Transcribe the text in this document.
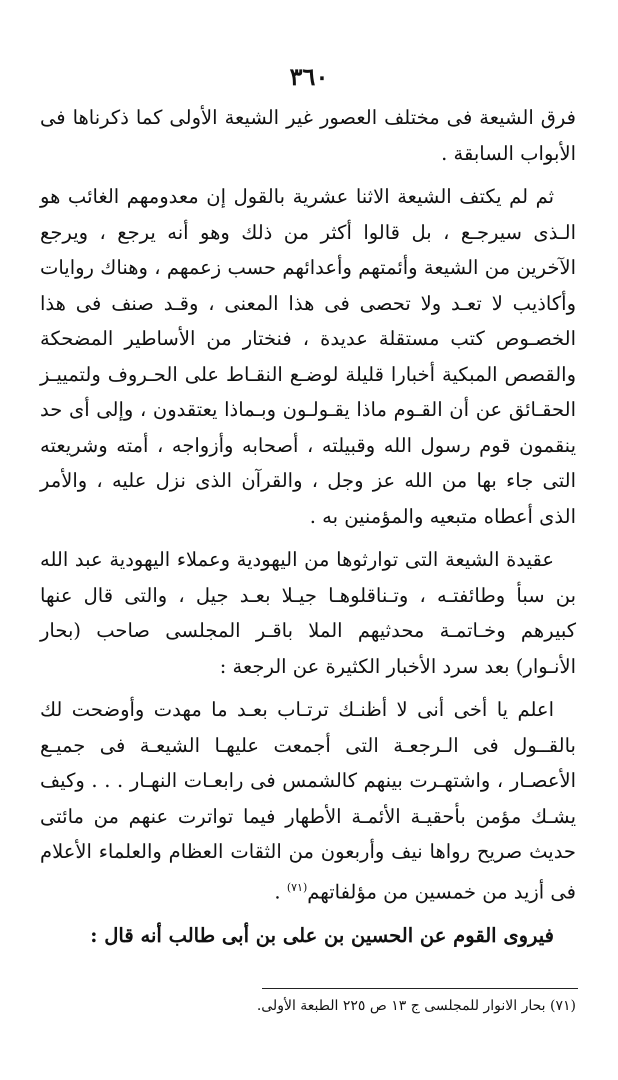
٣٦٠

فرق الشيعة فى مختلف العصور غير الشيعة الأولى كما ذكرناها فى الأبواب السابقة .

ثم لم يكتف الشيعة الاثنا عشرية بالقول إن معدومهم الغائب هو الـذى سيرجـع ، بل قالوا أكثر من ذلك وهو أنه يرجع ، ويرجع الآخرين من الشيعة وأئمتهم وأعدائهم حسب زعمهم ، وهناك روايات وأكاذيب لا تعـد ولا تحصى فى هذا المعنى ، وقـد صنف فى هذا الخصـوص كتب مستقلة عديدة ، فنختار من الأساطير المضحكة والقصص المبكية أخبارا قليلة لوضـع النقـاط على الحـروف ولتمييـز الحقـائق عن أن القـوم ماذا يقـولـون وبـماذا يعتقدون ، وإلى أى حد ينقمون قوم رسول الله وقبيلته ، أصحابه وأزواجه ، أمته وشريعته التى جاء بها من الله عز وجل ، والقرآن الذى نزل عليه ، والأمر الذى أعطاه متبعيه والمؤمنين به .

عقيدة الشيعة التى توارثوها من اليهودية وعملاء اليهودية عبد الله بن سبأ وطائفتـه ، وتـناقلوهـا جيـلا بعـد جيل ، والتى قال عنها كبيرهم وخـاتمـة محدثيهم الملا باقـر المجلسى صاحب (بحار الأنـوار) بعد سرد الأخبار الكثيرة عن الرجعة :

اعلم يا أخى أنى لا أظنـك ترتـاب بعـد ما مهدت وأوضحت لك بالقــول فى الـرجعـة التى أجمعت عليهـا الشيعـة فى جميـع الأعصـار ، واشتهـرت بينهم كالشمس فى رابعـات النهـار . . . وكيف يشـك مؤمن بأحقيـة الأئمـة الأطهار فيما تواترت عنهم من مائتى حديث صريح رواها نيف وأربعون من الثقات العظام والعلماء الأعلام فى أزيد من خمسين من مؤلفاتهم$^{(٧١)}$ .

فيروى القوم عن الحسين بن على بن أبى طالب أنه قال :

(٧١) بحار الانوار للمجلسى ج ١٣ ص ٢٢٥ الطبعة الأولى.
